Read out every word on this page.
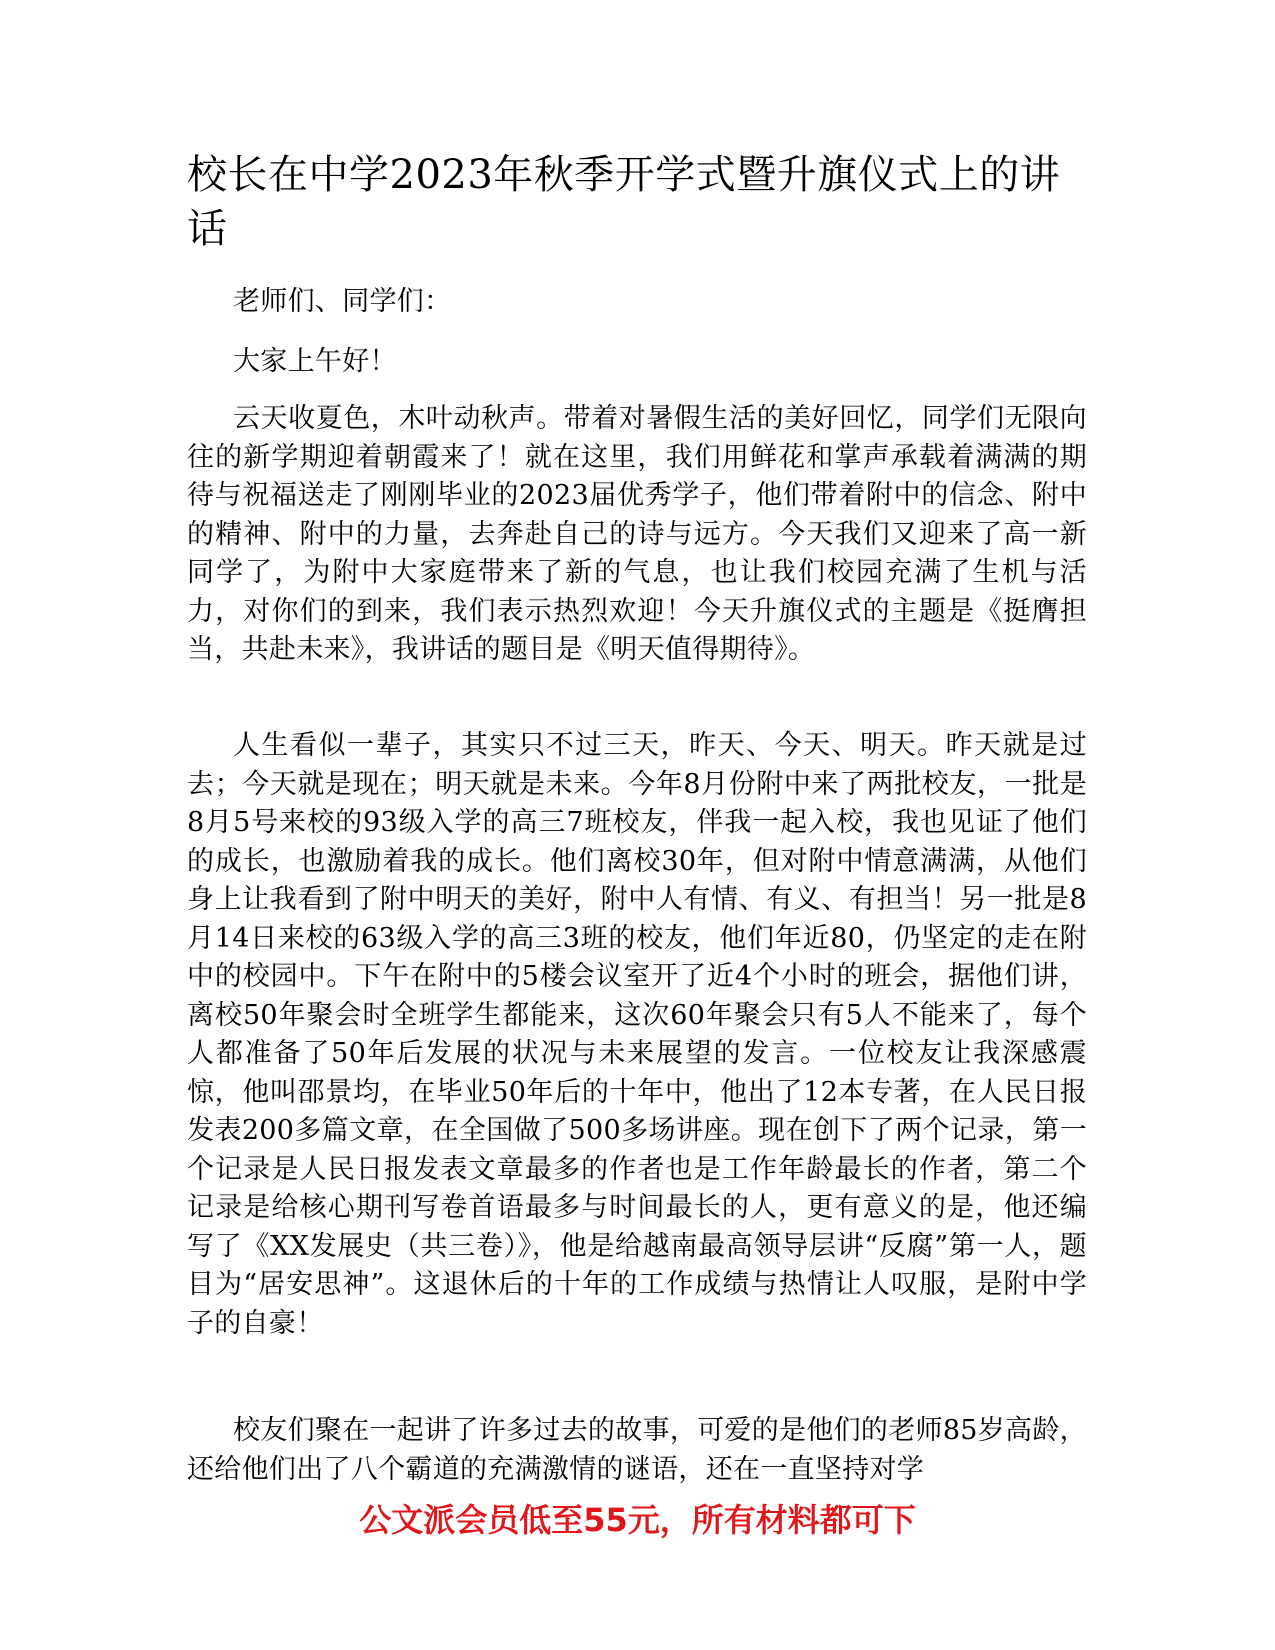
校长在中学2023年秋季开学式暨升旗仪式上的讲话

老师们、同学们：

大家上午好！

云天收夏色，木叶动秋声。带着对暑假生活的美好回忆，同学们无限向往的新学期迎着朝霞来了！就在这里，我们用鲜花和掌声承载着满满的期待与祝福送走了刚刚毕业的2023届优秀学子，他们带着附中的信念、附中的精神、附中的力量，去奔赴自己的诗与远方。今天我们又迎来了高一新同学了，为附中大家庭带来了新的气息，也让我们校园充满了生机与活力，对你们的到来，我们表示热烈欢迎！今天升旗仪式的主题是《挺膺担当，共赴未来》，我讲话的题目是《明天值得期待》。

人生看似一辈子，其实只不过三天，昨天、今天、明天。昨天就是过去；今天就是现在；明天就是未来。今年8月份附中来了两批校友，一批是8月5号来校的93级入学的高三7班校友，伴我一起入校，我也见证了他们的成长，也激励着我的成长。他们离校30年，但对附中情意满满，从他们身上让我看到了附中明天的美好，附中人有情、有义、有担当！另一批是8月14日来校的63级入学的高三3班的校友，他们年近80，仍坚定的走在附中的校园中。下午在附中的5楼会议室开了近4个小时的班会，据他们讲，离校50年聚会时全班学生都能来，这次60年聚会只有5人不能来了，每个人都准备了50年后发展的状况与未来展望的发言。一位校友让我深感震惊，他叫邵景均，在毕业50年后的十年中，他出了12本专著，在人民日报发表200多篇文章，在全国做了500多场讲座。现在创下了两个记录，第一个记录是人民日报发表文章最多的作者也是工作年龄最长的作者，第二个记录是给核心期刊写卷首语最多与时间最长的人，更有意义的是，他还编写了《XX发展史（共三卷）》，他是给越南最高领导层讲“反腐”第一人，题目为“居安思神”。这退休后的十年的工作成绩与热情让人叹服，是附中学子的自豪！

校友们聚在一起讲了许多过去的故事，可爱的是他们的老师85岁高龄，还给他们出了八个霸道的充满激情的谜语，还在一直坚持对学

公文派会员低至55元，所有材料都可下
